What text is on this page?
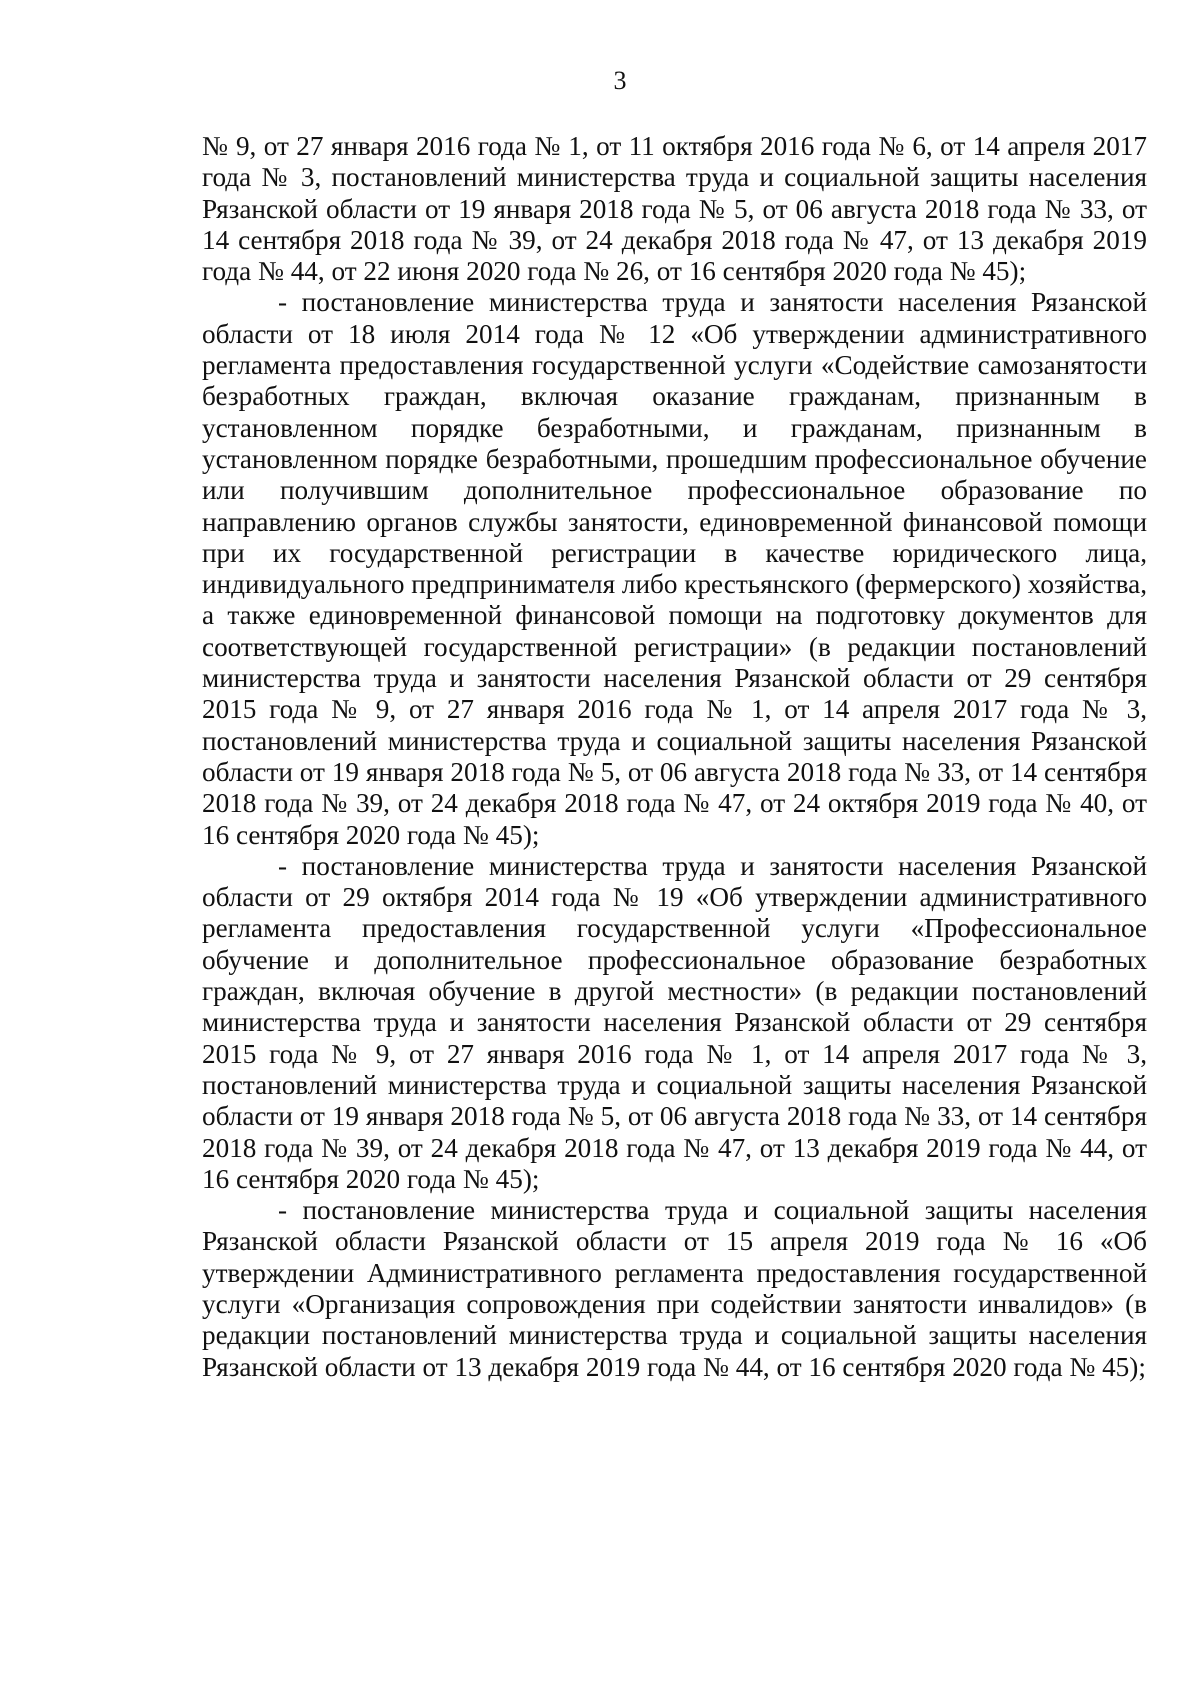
3

№ 9, от 27 января 2016 года № 1, от 11 октября 2016 года № 6, от 14 апреля 2017 года № 3, постановлений министерства труда и социальной защиты населения Рязанской области от 19 января 2018 года № 5, от 06 августа 2018 года № 33, от 14 сентября 2018 года № 39, от 24 декабря 2018 года № 47, от 13 декабря 2019 года № 44, от 22 июня 2020 года № 26, от 16 сентября 2020 года № 45);

- постановление министерства труда и занятости населения Рязанской области от 18 июля 2014 года № 12 «Об утверждении административного регламента предоставления государственной услуги «Содействие самозанятости безработных граждан, включая оказание гражданам, признанным в установленном порядке безработными, и гражданам, признанным в установленном порядке безработными, прошедшим профессиональное обучение или получившим дополнительное профессиональное образование по направлению органов службы занятости, единовременной финансовой помощи при их государственной регистрации в качестве юридического лица, индивидуального предпринимателя либо крестьянского (фермерского) хозяйства, а также единовременной финансовой помощи на подготовку документов для соответствующей государственной регистрации» (в редакции постановлений министерства труда и занятости населения Рязанской области от 29 сентября 2015 года № 9, от 27 января 2016 года № 1, от 14 апреля 2017 года № 3, постановлений министерства труда и социальной защиты населения Рязанской области от 19 января 2018 года № 5, от 06 августа 2018 года № 33, от 14 сентября 2018 года № 39, от 24 декабря 2018 года № 47, от 24 октября 2019 года № 40, от 16 сентября 2020 года № 45);

- постановление министерства труда и занятости населения Рязанской области от 29 октября 2014 года № 19 «Об утверждении административного регламента предоставления государственной услуги «Профессиональное обучение и дополнительное профессиональное образование безработных граждан, включая обучение в другой местности» (в редакции постановлений министерства труда и занятости населения Рязанской области от 29 сентября 2015 года № 9, от 27 января 2016 года № 1, от 14 апреля 2017 года № 3, постановлений министерства труда и социальной защиты населения Рязанской области от 19 января 2018 года № 5, от 06 августа 2018 года № 33, от 14 сентября 2018 года № 39, от 24 декабря 2018 года № 47, от 13 декабря 2019 года № 44, от 16 сентября 2020 года № 45);

- постановление министерства труда и социальной защиты населения Рязанской области Рязанской области от 15 апреля 2019 года № 16 «Об утверждении Административного регламента предоставления государственной услуги «Организация сопровождения при содействии занятости инвалидов» (в редакции постановлений министерства труда и социальной защиты населения Рязанской области от 13 декабря 2019 года № 44, от 16 сентября 2020 года № 45);
